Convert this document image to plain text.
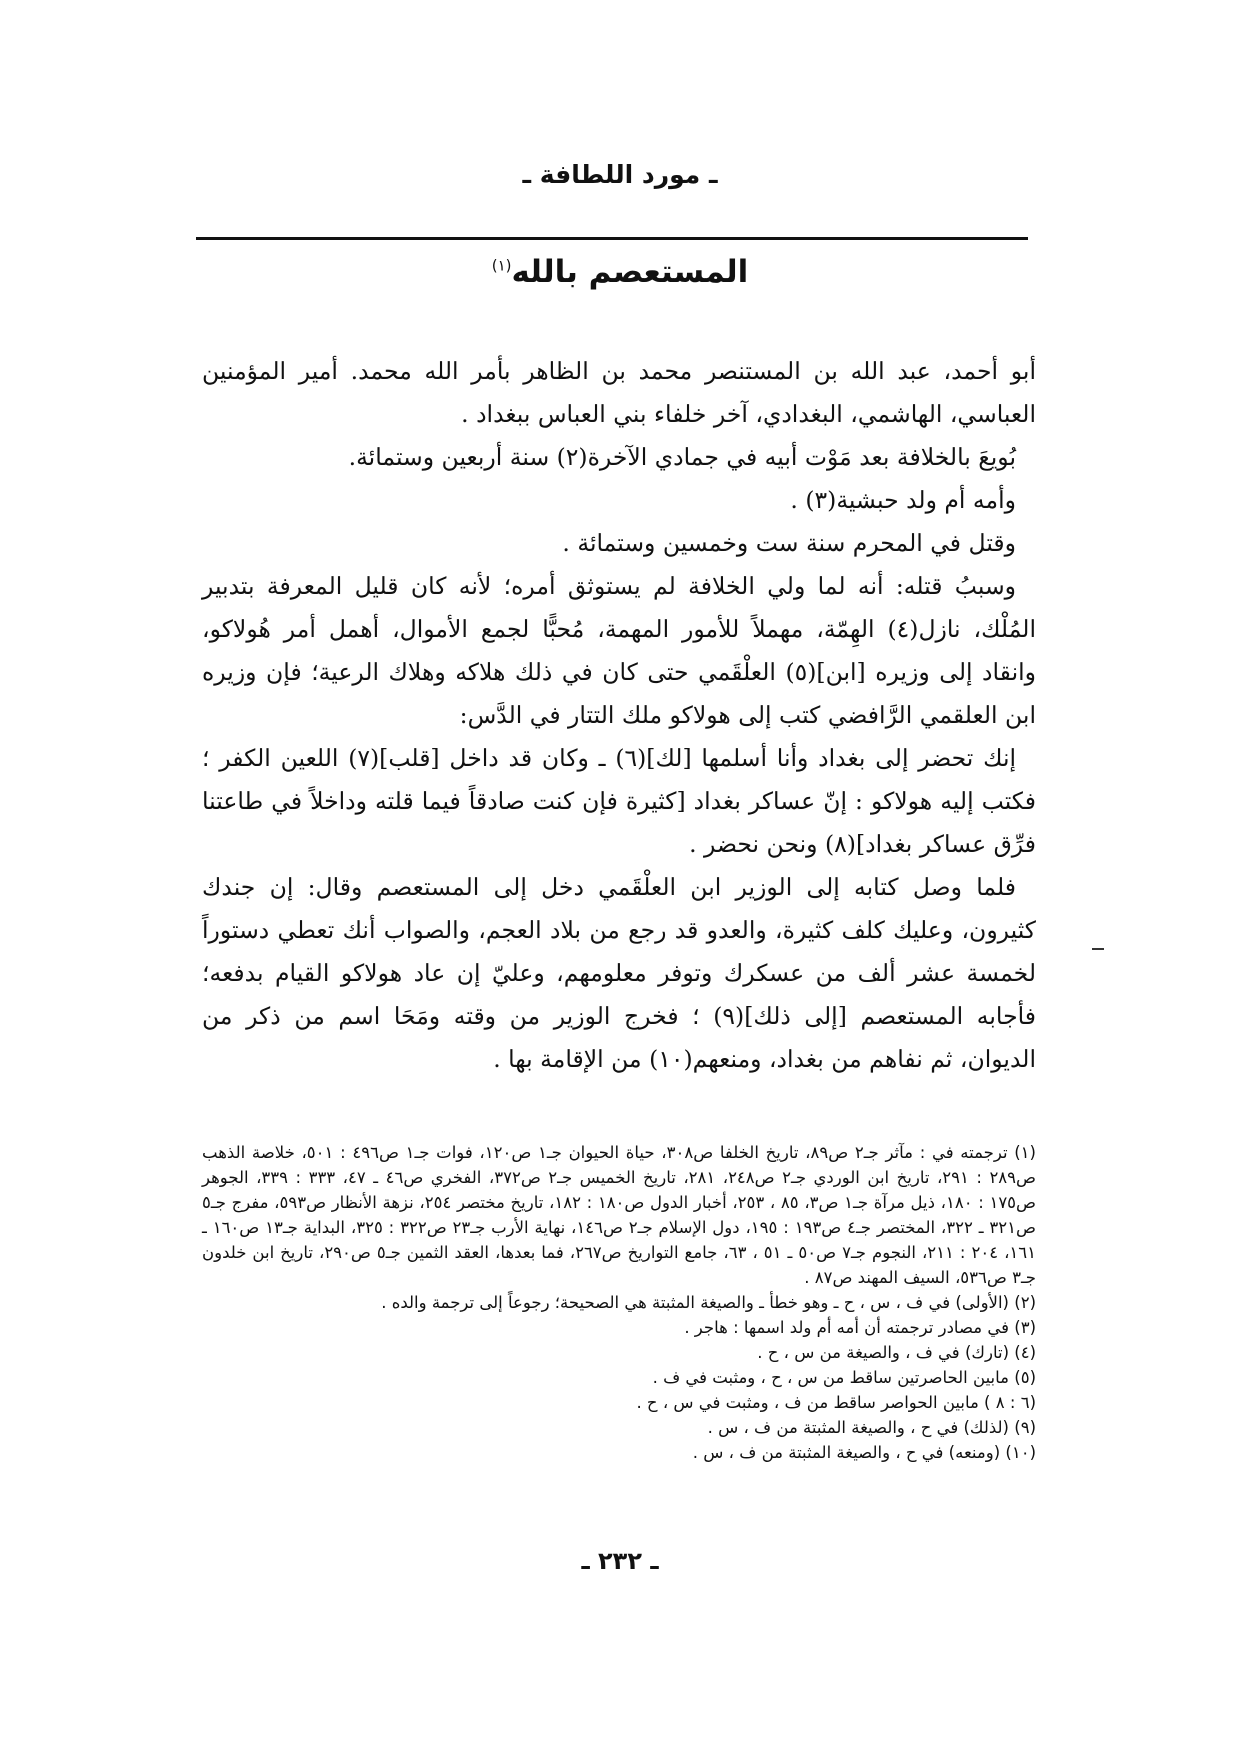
ـ مورد اللطافة ـ
المستعصم بالله$^{(١)}$

أبو أحمد، عبد الله بن المستنصر محمد بن الظاهر بأمر الله محمد. أمير المؤمنين العباسي، الهاشمي، البغدادي، آخر خلفاء بني العباس ببغداد .

بُويعَ بالخلافة بعد مَوْت أبيه في جمادي الآخرة(٢) سنة أربعين وستمائة.

وأمه أم ولد حبشية(٣) .

وقتل في المحرم سنة ست وخمسين وستمائة .

وسببُ قتله: أنه لما ولي الخلافة لم يستوثق أمره؛ لأنه كان قليل المعرفة بتدبير المُلْك، نازل(٤) الهِمّة، مهملاً للأمور المهمة، مُحبًّا لجمع الأموال، أهمل أمر هُولاكو، وانقاد إلى وزيره [ابن](٥) العلْقَمي حتى كان في ذلك هلاكه وهلاك الرعية؛ فإن وزيره ابن العلقمي الرَّافضي كتب إلى هولاكو ملك التتار في الدَّس:

إنك تحضر إلى بغداد وأنا أسلمها [لك](٦) ـ وكان قد داخل [قلب](٧) اللعين الكفر ؛ فكتب إليه هولاكو : إنّ عساكر بغداد [كثيرة فإن كنت صادقاً فيما قلته وداخلاً في طاعتنا فرِّق عساكر بغداد](٨) ونحن نحضر .

فلما وصل كتابه إلى الوزير ابن العلْقَمي دخل إلى المستعصم وقال: إن جندك كثيرون، وعليك كلف كثيرة، والعدو قد رجع من بلاد العجم، والصواب أنك تعطي دستوراً لخمسة عشر ألف من عسكرك وتوفر معلومهم، وعليّ إن عاد هولاكو القيام بدفعه؛ فأجابه المستعصم [إلى ذلك](٩) ؛ فخرج الوزير من وقته ومَحَا اسم من ذكر من الديوان، ثم نفاهم من بغداد، ومنعهم(١٠) من الإقامة بها .

(١) ترجمته في : مآثر جـ٢ ص٨٩، تاريخ الخلفا ص٣٠٨، حياة الحيوان جـ١ ص١٢٠، فوات جـ١ ص٤٩٦ : ٥٠١، خلاصة الذهب ص٢٨٩ : ٢٩١، تاريخ ابن الوردي جـ٢ ص٢٤٨، ٢٨١، تاريخ الخميس جـ٢ ص٣٧٢، الفخري ص٤٦ ـ ٤٧، ٣٣٣ : ٣٣٩، الجوهر ص١٧٥ : ١٨٠، ذيل مرآة جـ١ ص٣، ٨٥ ، ٢٥٣، أخبار الدول ص١٨٠ : ١٨٢، تاريخ مختصر ٢٥٤، نزهة الأنظار ص٥٩٣، مفرج جـ٥ ص٣٢١ ـ ٣٢٢، المختصر جـ٤ ص١٩٣ : ١٩٥، دول الإسلام جـ٢ ص١٤٦، نهاية الأرب جـ٢٣ ص٣٢٢ : ٣٢٥، البداية جـ١٣ ص١٦٠ ـ ١٦١، ٢٠٤ : ٢١١، النجوم جـ٧ ص٥٠ ـ ٥١ ، ٦٣، جامع التواريخ ص٢٦٧، فما بعدها، العقد الثمين جـ٥ ص٢٩٠، تاريخ ابن خلدون جـ٣ ص٥٣٦، السيف المهند ص٨٧ .
(٢) (الأولى) في ف ، س ، ح ـ وهو خطأ ـ والصيغة المثبتة هي الصحيحة؛ رجوعاً إلى ترجمة والده .
(٣) في مصادر ترجمته أن أمه أم ولد اسمها : هاجر .
(٤) (تارك) في ف ، والصيغة من س ، ح .
(٥) مابين الحاصرتين ساقط من س ، ح ، ومثبت في ف .
(٦ : ٨ ) مابين الحواصر ساقط من ف ، ومثبت في س ، ح .
(٩) (لذلك) في ح ، والصيغة المثبتة من ف ، س .
(١٠) (ومنعه) في ح ، والصيغة المثبتة من ف ، س .
ـ ٢٣٢ ـ
